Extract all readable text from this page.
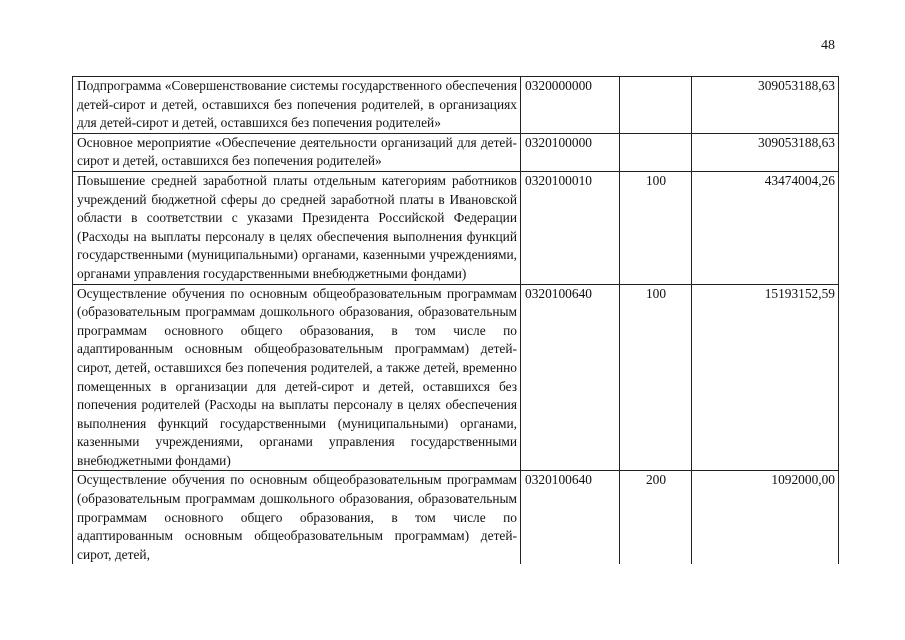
48
Подпрограмма «Совершенствование системы государственного обеспечения детей-сирот и детей, оставшихся без попечения родителей, в организациях для детей-сирот и детей, оставшихся без попечения родителей»	0320000000		309053188,63
Основное мероприятие «Обеспечение деятельности организаций для детей-сирот и детей, оставшихся без попечения родителей»	0320100000		309053188,63
Повышение средней заработной платы отдельным категориям работников учреждений бюджетной сферы до средней заработной платы в Ивановской области в соответствии с указами Президента Российской Федерации (Расходы на выплаты персоналу в целях обеспечения выполнения функций государственными (муниципальными) органами, казенными учреждениями, органами управления государственными внебюджетными фондами)	0320100010	100	43474004,26
Осуществление обучения по основным общеобразовательным программам (образовательным программам дошкольного образования, образовательным программам основного общего образования, в том числе по адаптированным основным общеобразовательным программам) детей-сирот, детей, оставшихся без попечения родителей, а также детей, временно помещенных в организации для детей-сирот и детей, оставшихся без попечения родителей (Расходы на выплаты персоналу в целях обеспечения выполнения функций государственными (муниципальными) органами, казенными учреждениями, органами управления государственными внебюджетными фондами)	0320100640	100	15193152,59
Осуществление обучения по основным общеобразовательным программам (образовательным программам дошкольного образования, образовательным программам основного общего образования, в том числе по адаптированным основным общеобразовательным программам) детей-сирот, детей,	0320100640	200	1092000,00
